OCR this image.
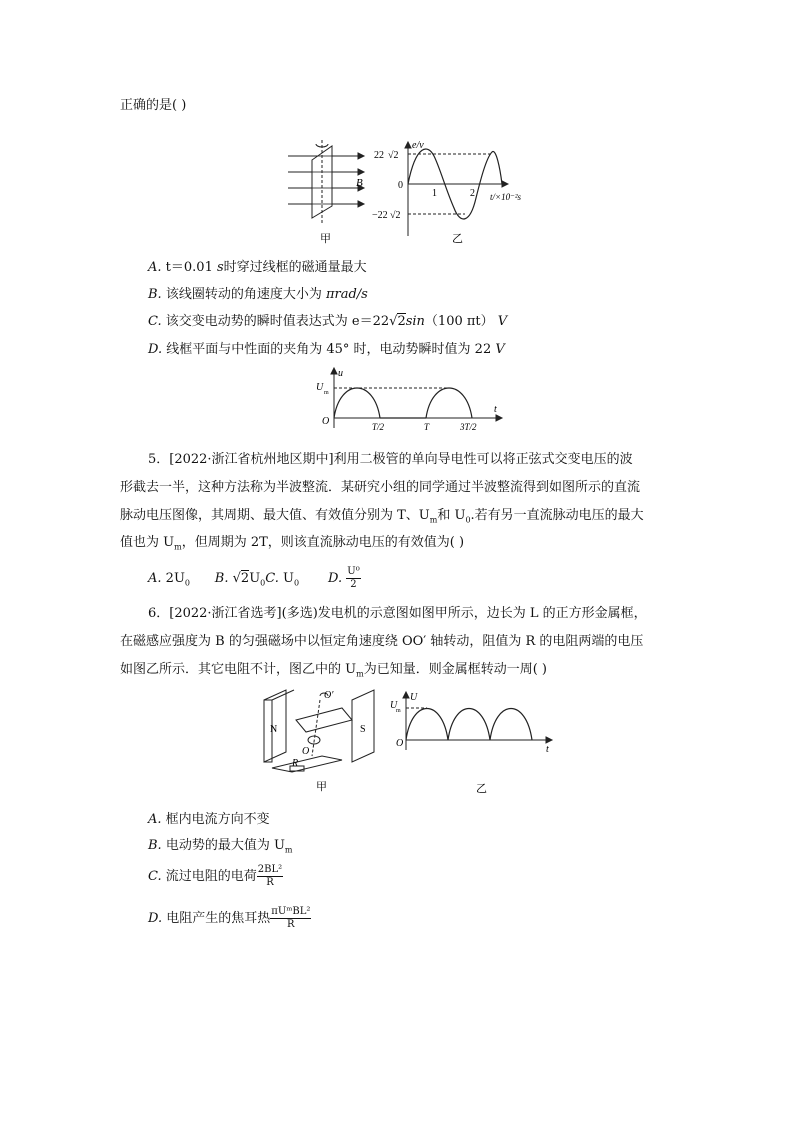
正确的是( )
B
甲
e/v
22 √2
−22 √2
0
1	2 t/×10⁻²s
乙
A. t＝0.01 s时穿过线框的磁通量最大
B. 该线圈转动的角速度大小为 πrad/s
C. 该交变电动势的瞬时值表达式为 e＝22√2sin（100 πt） V
D. 线框平面与中性面的夹角为 45° 时，电动势瞬时值为 22 V
u
U m
O	T/2	T	3T/2
t
5．[2022·浙江省杭州地区期中]利用二极管的单向导电性可以将正弦式交变电压的波
形截去一半，这种方法称为半波整流．某研究小组的同学通过半波整流得到如图所示的直流
脉动电压图像，其周期、最大值、有效值分别为 T、$U_m$和 $U_0$.若有另一直流脉动电压的最大
值也为 $U_m$，但周期为 2T，则该直流脉动电压的有效值为( )
A. $2U_0$ B. $√2U_0C$. $U_0$ D. $\frac{\text{U⁰}}{2}$
6．[2022·浙江省选考](多选)发电机的示意图如图甲所示，边长为 L 的正方形金属框，
在磁感应强度为 B 的匀强磁场中以恒定角速度绕 OO′ 轴转动，阻值为 R 的电阻两端的电压
如图乙所示．其它电阻不计，图乙中的 $U_m$为已知量．则金属框转动一周( )
N	S
O′
O
R
甲
U
U
m
O
t
乙
A. 框内电流方向不变
B. 电动势的最大值为 $U_m$
C. 流过电阻的电荷 $\frac{\text{2BL²}}{R}$
D. 电阻产生的焦耳热 $\frac{\text{πUᵐBL²}}{R}$
